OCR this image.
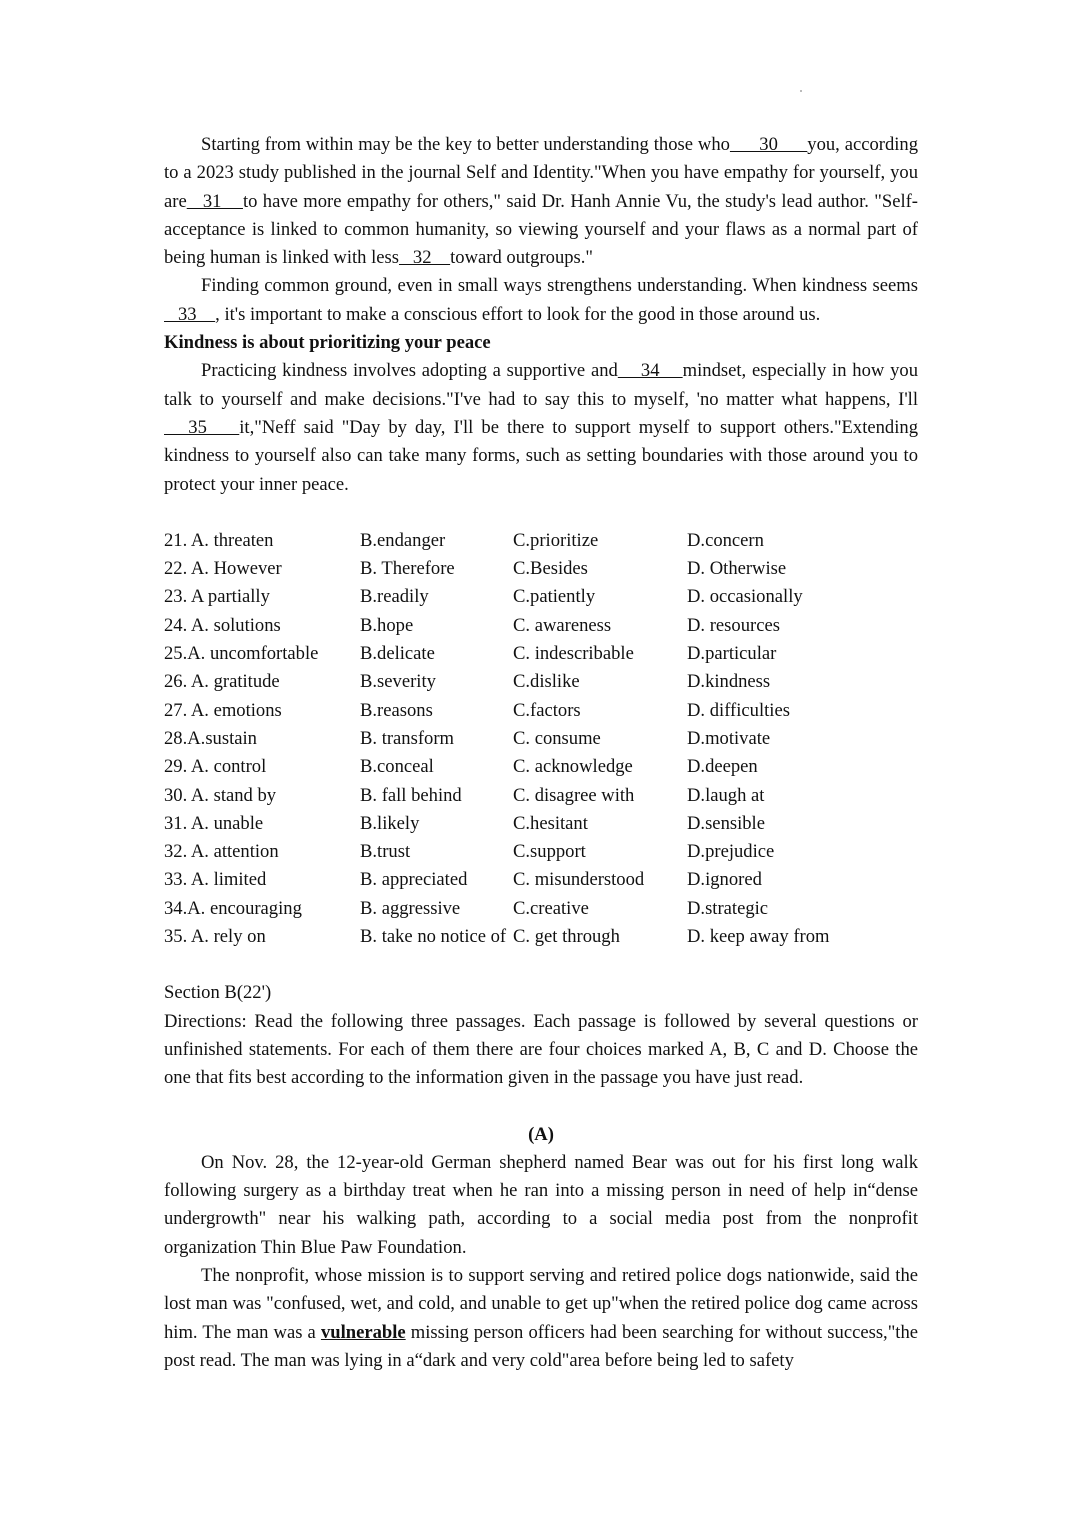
Starting from within may be the key to better understanding those who      30      you, according to a 2023 study published in the journal Self and Identity."When you have empathy for yourself, you are   31    to have more empathy for others," said Dr. Hanh Annie Vu, the study's lead author. "Self-acceptance is linked to common humanity, so viewing yourself and your flaws as a normal part of being human is linked with less   32    toward outgroups."

Finding common ground, even in small ways strengthens understanding. When kindness seems   33    , it's important to make a conscious effort to look for the good in those around us.

Kindness is about prioritizing your peace

Practicing kindness involves adopting a supportive and    34    mindset, especially in how you talk to yourself and make decisions."I've had to say this to myself, 'no matter what happens, I'll   35    it,"Neff said "Day by day, I'll be there to support myself to support others."Extending kindness to yourself also can take many forms, such as setting boundaries with those around you to protect your inner peace.

21. A. threaten	B.endanger	C.prioritize	D.concern
22. A. However	B. Therefore	C.Besides	D. Otherwise
23. A partially	B.readily	C.patiently	D. occasionally
24. A. solutions	B.hope	C. awareness	D. resources
25.A. uncomfortable B.delicate	C. indescribable	D.particular
26. A. gratitude	B.severity	C.dislike	D.kindness
27. A. emotions	B.reasons	C.factors	D. difficulties
28.A.sustain	B. transform	C. consume	D.motivate
29. A. control	B.conceal	C. acknowledge	D.deepen
30. A. stand by	B. fall behind	C. disagree with	D.laugh at
31. A. unable	B.likely	C.hesitant	D.sensible
32. A. attention	B.trust	C.support	D.prejudice
33. A. limited	B. appreciated C. misunderstood D.ignored
34.A. encouraging	B. aggressive	C.creative	D.strategic
35. A. rely on	B. take no notice of C. get through	D. keep away from

Section B(22')

Directions: Read the following three passages. Each passage is followed by several questions or unfinished statements. For each of them there are four choices marked A, B, C and D. Choose the one that fits best according to the information given in the passage you have just read.

(A)

On Nov. 28, the 12-year-old German shepherd named Bear was out for his first long walk following surgery as a birthday treat when he ran into a missing person in need of help in“dense undergrowth" near his walking path, according to a social media post from the nonprofit organization Thin Blue Paw Foundation.

The nonprofit, whose mission is to support serving and retired police dogs nationwide, said the lost man was "confused, wet, and cold, and unable to get up"when the retired police dog came across him. The man was a vulnerable missing person officers had been searching for without success,"the post read. The man was lying in a“dark and very cold"area before being led to safety
